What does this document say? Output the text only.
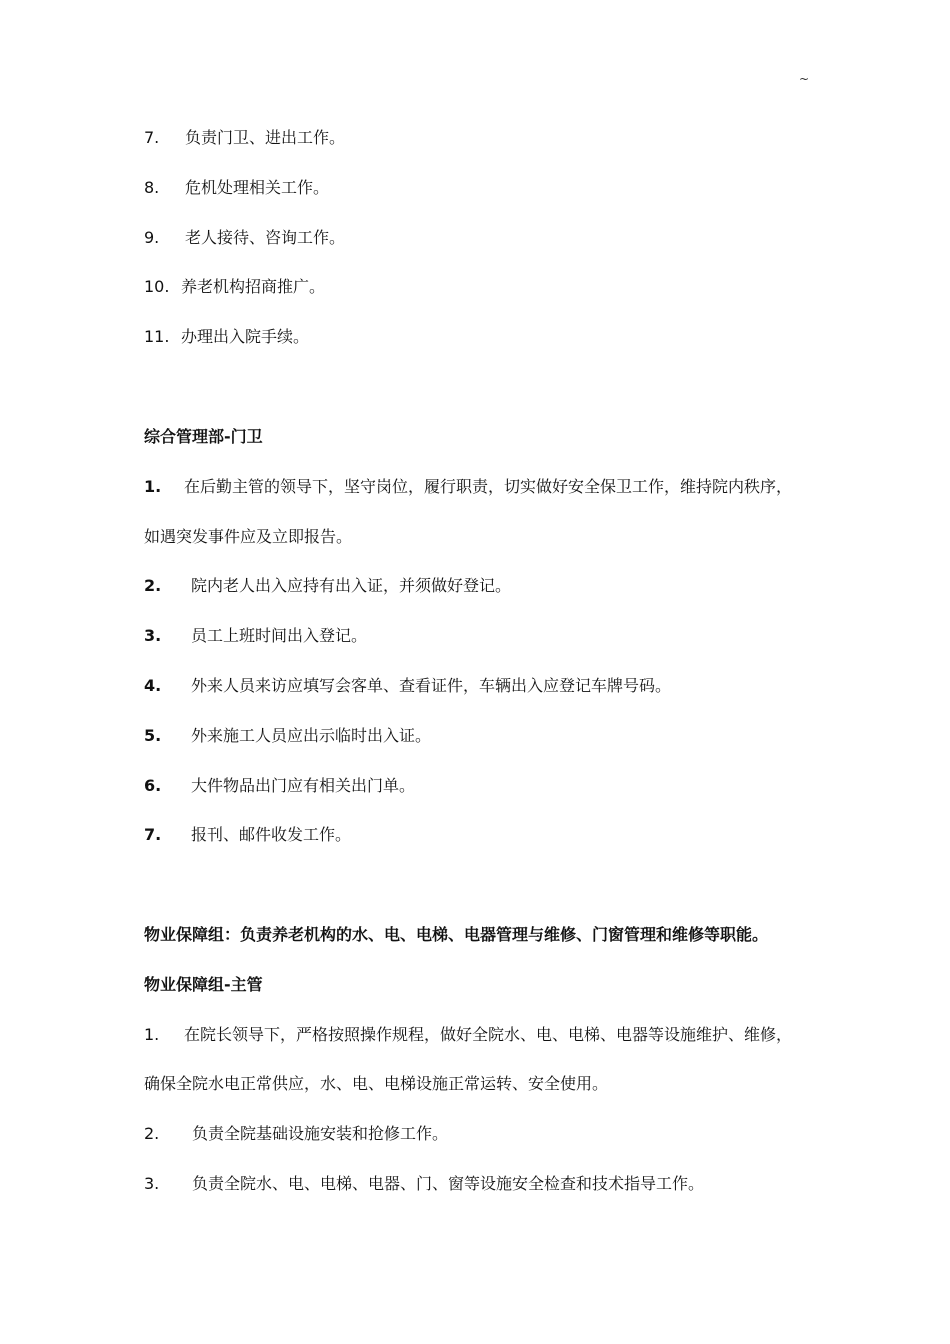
~
7. 负责门卫、进出工作。
8. 危机处理相关工作。
9. 老人接待、咨询工作。
10. 养老机构招商推广。
11. 办理出入院手续。
综合管理部-门卫
1. 在后勤主管的领导下，坚守岗位，履行职责，切实做好安全保卫工作，维持院内秩序，
如遇突发事件应及立即报告。
2. 院内老人出入应持有出入证，并须做好登记。
3. 员工上班时间出入登记。
4. 外来人员来访应填写会客单、查看证件，车辆出入应登记车牌号码。
5. 外来施工人员应出示临时出入证。
6. 大件物品出门应有相关出门单。
7. 报刊、邮件收发工作。
物业保障组：负责养老机构的水、电、电梯、电器管理与维修、门窗管理和维修等职能。
物业保障组-主管
1. 在院长领导下，严格按照操作规程，做好全院水、电、电梯、电器等设施维护、维修，
确保全院水电正常供应，水、电、电梯设施正常运转、安全使用。
2. 负责全院基础设施安装和抢修工作。
3. 负责全院水、电、电梯、电器、门、窗等设施安全检查和技术指导工作。
